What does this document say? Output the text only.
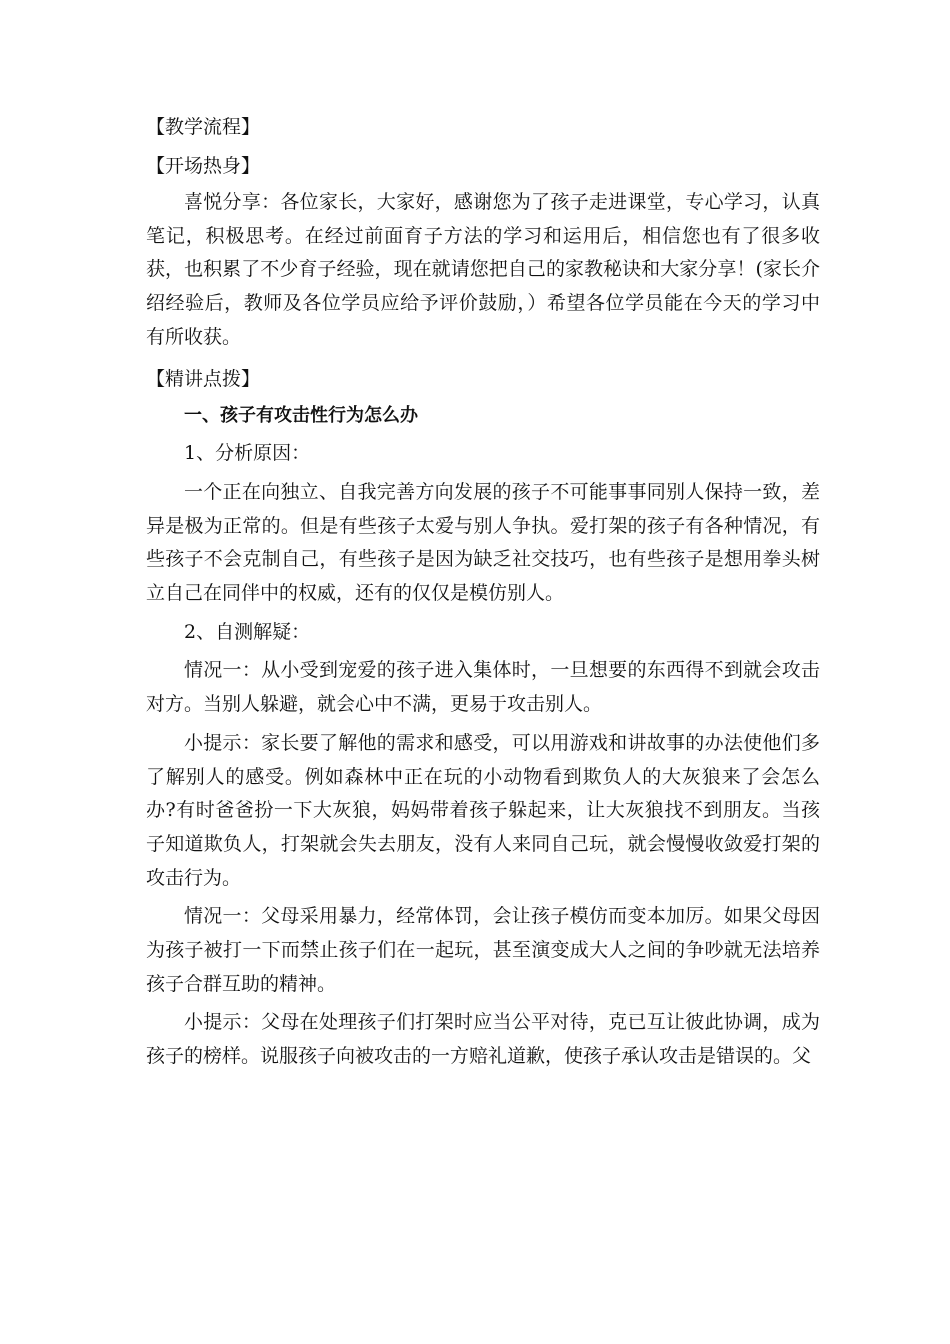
【教学流程】
【开场热身】

喜悦分享：各位家长，大家好，感谢您为了孩子走进课堂，专心学习，认真笔记，积极思考。在经过前面育子方法的学习和运用后，相信您也有了很多收获，也积累了不少育子经验，现在就请您把自己的家教秘诀和大家分享！(家长介绍经验后，教师及各位学员应给予评价鼓励，）希望各位学员能在今天的学习中有所收获。

【精讲点拨】
一、孩子有攻击性行为怎么办
1、分析原因：

一个正在向独立、自我完善方向发展的孩子不可能事事同别人保持一致，差异是极为正常的。但是有些孩子太爱与别人争执。爱打架的孩子有各种情况，有些孩子不会克制自己，有些孩子是因为缺乏社交技巧，也有些孩子是想用拳头树立自己在同伴中的权威，还有的仅仅是模仿别人。

2、自测解疑：

情况一：从小受到宠爱的孩子进入集体时，一旦想要的东西得不到就会攻击对方。当别人躲避，就会心中不满，更易于攻击别人。

小提示：家长要了解他的需求和感受，可以用游戏和讲故事的办法使他们多了解别人的感受。例如森林中正在玩的小动物看到欺负人的大灰狼来了会怎么办?有时爸爸扮一下大灰狼，妈妈带着孩子躲起来，让大灰狼找不到朋友。当孩子知道欺负人，打架就会失去朋友，没有人来同自己玩，就会慢慢收敛爱打架的攻击行为。

情况一：父母采用暴力，经常体罚，会让孩子模仿而变本加厉。如果父母因为孩子被打一下而禁止孩子们在一起玩，甚至演变成大人之间的争吵就无法培养孩子合群互助的精神。

小提示：父母在处理孩子们打架时应当公平对待，克已互让彼此协调，成为孩子的榜样。说服孩子向被攻击的一方赔礼道歉，使孩子承认攻击是错误的。父
